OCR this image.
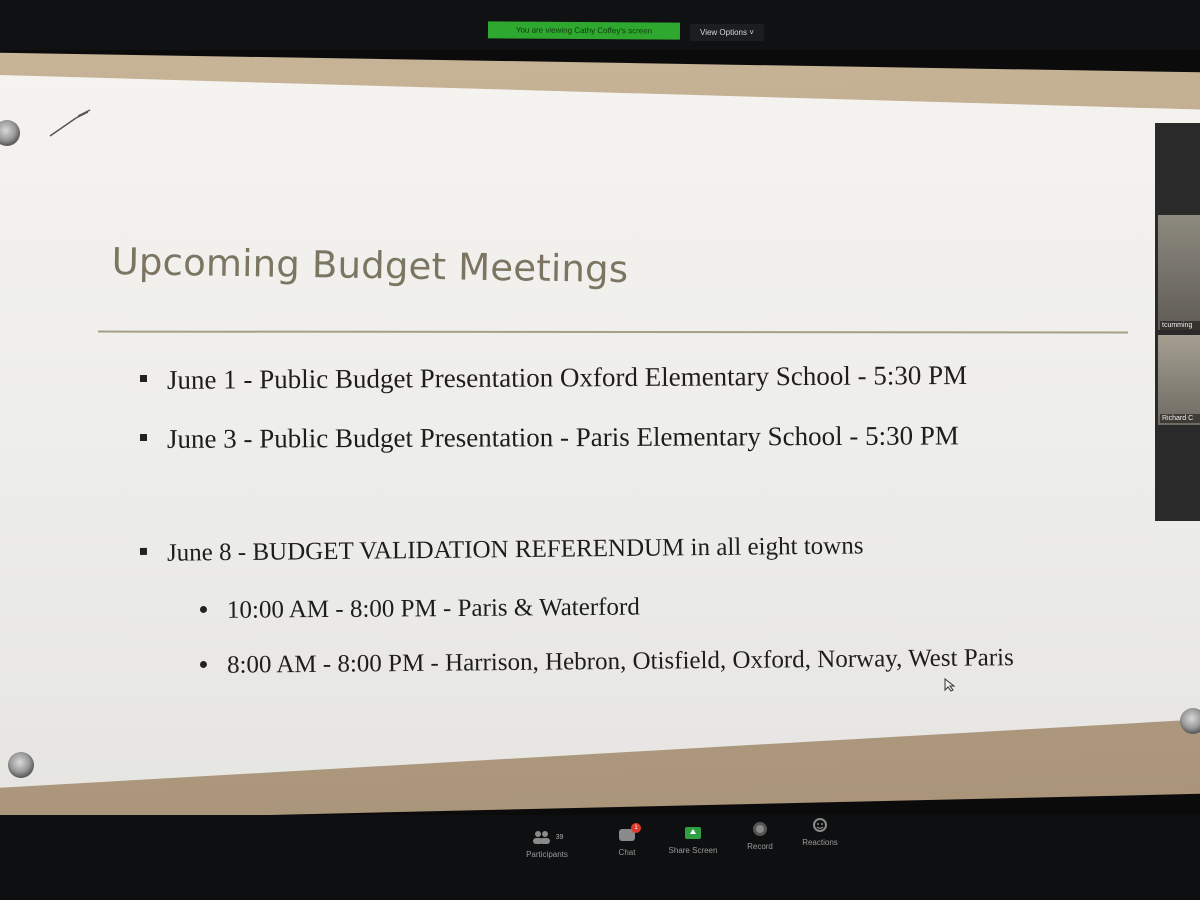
You are viewing Cathy Coffey's screen	View Options ˅
Upcoming Budget Meetings
June 1 - Public Budget Presentation Oxford Elementary School - 5:30 PM
June 3 - Public Budget Presentation - Paris Elementary School - 5:30 PM
June 8 - BUDGET VALIDATION REFERENDUM in all eight towns
10:00 AM - 8:00 PM - Paris & Waterford
8:00 AM - 8:00 PM - Harrison, Hebron, Otisfield, Oxford, Norway, West Paris
tcumming
Richard C
39
Participants
1
Chat	Share Screen	Record	Reactions
